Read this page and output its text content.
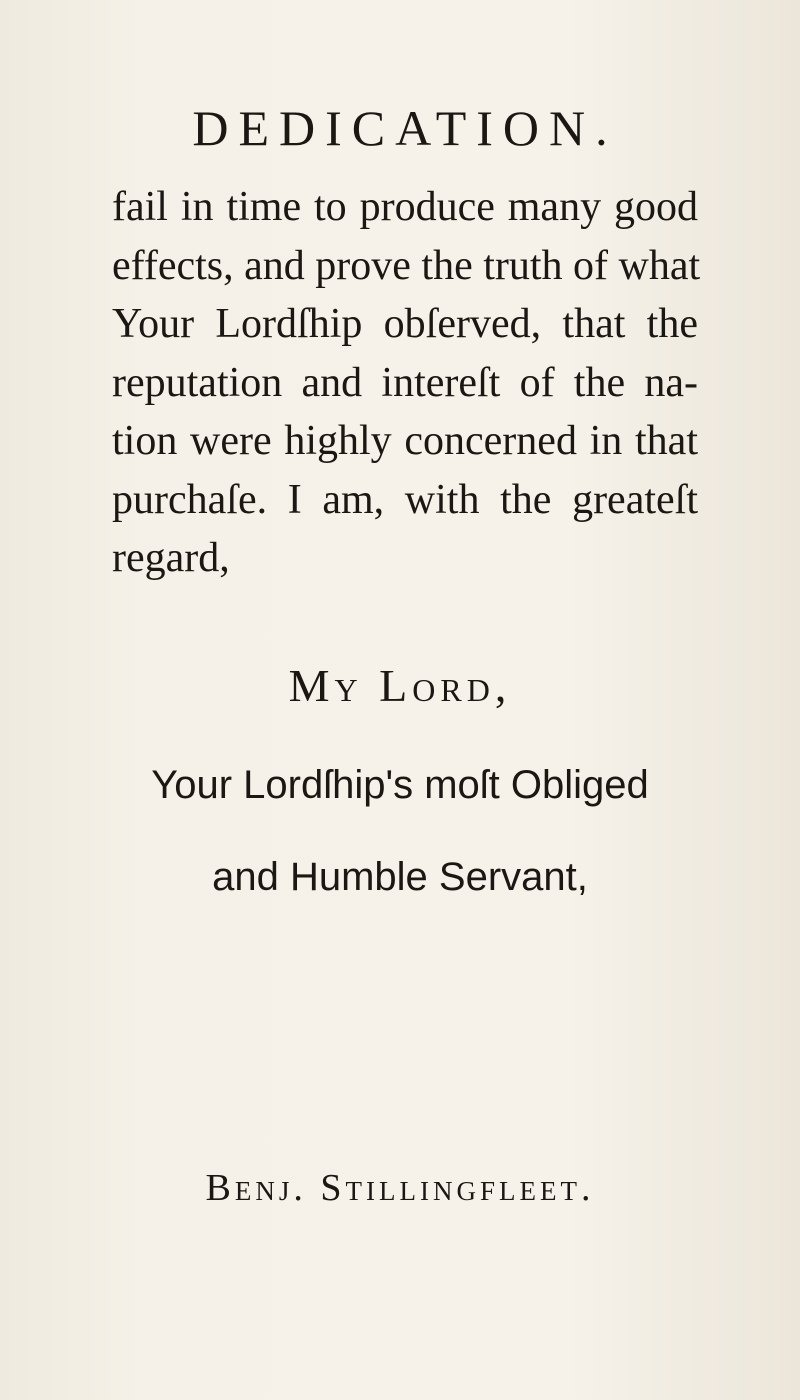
DEDICATION.
fail in time to produce many good
effects, and prove the truth of what
Your Lordſhip obſerved, that the
reputation and intereſt of the na-
tion were highly concerned in that
purchaſe. I am, with the greateſt
regard,

My Lord,

Your Lordſhip's moſt Obliged

and Humble Servant,

Benj. Stillingfleet.
